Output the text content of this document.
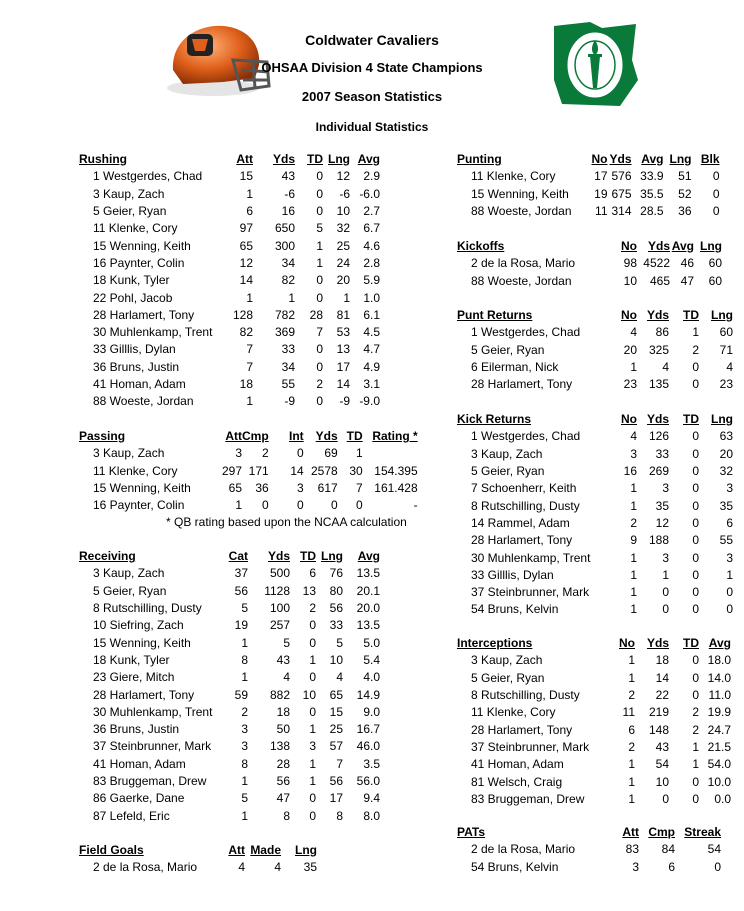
Coldwater Cavaliers
OHSAA Division 4 State Champions
2007 Season Statistics
Individual Statistics
Rushing	Att	Yds	TD	Lng	Avg
1 Westgerdes, Chad	15	43	0	12	2.9
3 Kaup, Zach	1	-6	0	-6	-6.0
5 Geier, Ryan	6	16	0	10	2.7
11 Klenke, Cory	97	650	5	32	6.7
15 Wenning, Keith	65	300	1	25	4.6
16 Paynter, Colin	12	34	1	24	2.8
18 Kunk, Tyler	14	82	0	20	5.9
22 Pohl, Jacob	1	1	0	1	1.0
28 Harlamert, Tony	128	782	28	81	6.1
30 Muhlenkamp, Trent	82	369	7	53	4.5
33 Gilllis, Dylan	7	33	0	13	4.7
36 Bruns, Justin	7	34	0	17	4.9
41 Homan, Adam	18	55	2	14	3.1
88 Woeste, Jordan	1	-9	0	-9	-9.0
Passing	Att	Cmp	Int	Yds	TD	Rating *
3 Kaup, Zach	3	2	0	69	1	
11 Klenke, Cory	297	171	14	2578	30	154.395
15 Wenning, Keith	65	36	3	617	7	161.428
16 Paynter, Colin	1	0	0	0	0	-
* QB rating based upon the NCAA calculation
Receiving	Cat	Yds	TD	Lng	Avg
3 Kaup, Zach	37	500	6	76	13.5
5 Geier, Ryan	56	1128	13	80	20.1
8 Rutschilling, Dusty	5	100	2	56	20.0
10 Siefring, Zach	19	257	0	33	13.5
15 Wenning, Keith	1	5	0	5	5.0
18 Kunk, Tyler	8	43	1	10	5.4
23 Giere, Mitch	1	4	0	4	4.0
28 Harlamert, Tony	59	882	10	65	14.9
30 Muhlenkamp, Trent	2	18	0	15	9.0
36 Bruns, Justin	3	50	1	25	16.7
37 Steinbrunner, Mark	3	138	3	57	46.0
41 Homan, Adam	8	28	1	7	3.5
83 Bruggeman, Drew	1	56	1	56	56.0
86 Gaerke, Dane	5	47	0	17	9.4
87 Lefeld, Eric	1	8	0	8	8.0
Field Goals	Att	Made	Lng
2 de la Rosa, Mario	4	4	35
Punting	No	Yds	Avg	Lng	Blk
11 Klenke, Cory	17	576	33.9	51	0
15 Wenning, Keith	19	675	35.5	52	0
88 Woeste, Jordan	11	314	28.5	36	0
Kickoffs	No	Yds	Avg	Lng
2 de la Rosa, Mario	98	4522	46	60
88 Woeste, Jordan	10	465	47	60
Punt Returns	No	Yds	TD	Lng
1 Westgerdes, Chad	4	86	1	60
5 Geier, Ryan	20	325	2	71
6 Eilerman, Nick	1	4	0	4
28 Harlamert, Tony	23	135	0	23
Kick Returns	No	Yds	TD	Lng
1 Westgerdes, Chad	4	126	0	63
3 Kaup, Zach	3	33	0	20
5 Geier, Ryan	16	269	0	32
7 Schoenherr, Keith	1	3	0	3
8 Rutschilling, Dusty	1	35	0	35
14 Rammel, Adam	2	12	0	6
28 Harlamert, Tony	9	188	0	55
30 Muhlenkamp, Trent	1	3	0	3
33 Gilllis, Dylan	1	1	0	1
37 Steinbrunner, Mark	1	0	0	0
54 Bruns, Kelvin	1	0	0	0
Interceptions	No	Yds	TD	Avg
3 Kaup, Zach	1	18	0	18.0
5 Geier, Ryan	1	14	0	14.0
8 Rutschilling, Dusty	2	22	0	11.0
11 Klenke, Cory	11	219	2	19.9
28 Harlamert, Tony	6	148	2	24.7
37 Steinbrunner, Mark	2	43	1	21.5
41 Homan, Adam	1	54	1	54.0
81 Welsch, Craig	1	10	0	10.0
83 Bruggeman, Drew	1	0	0	0.0
PATs	Att	Cmp	Streak
2 de la Rosa, Mario	83	84	54
54 Bruns, Kelvin	3	6	0
